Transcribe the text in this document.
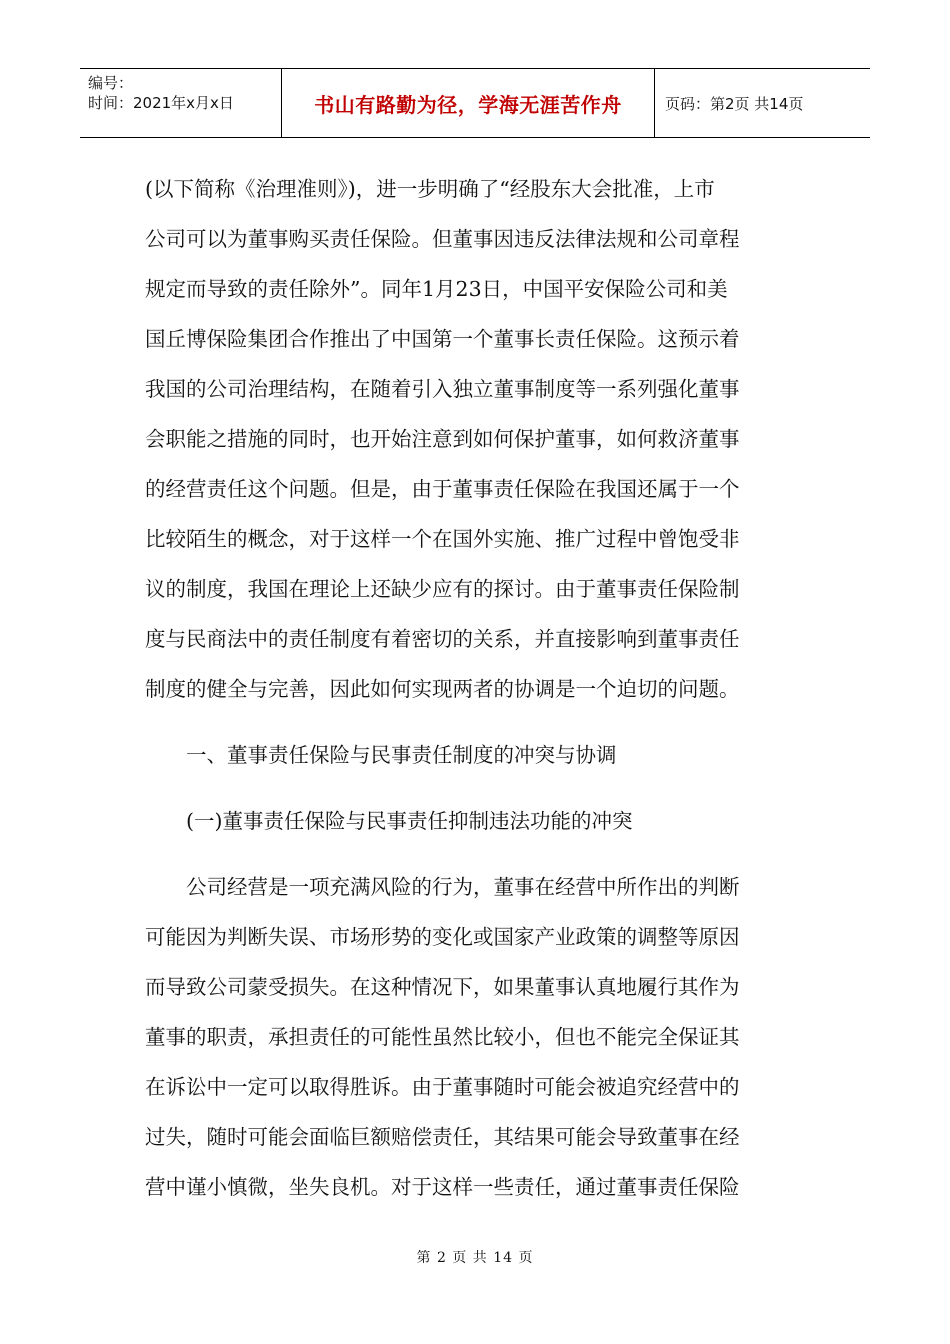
编号：
时间：2021年x月x日	书山有路勤为径，学海无涯苦作舟	页码：第2页 共14页
(以下简称《治理准则》)，进一步明确了“经股东大会批准，上市
公司可以为董事购买责任保险。但董事因违反法律法规和公司章程
规定而导致的责任除外”。同年1月23日，中国平安保险公司和美
国丘博保险集团合作推出了中国第一个董事长责任保险。这预示着
我国的公司治理结构，在随着引入独立董事制度等一系列强化董事
会职能之措施的同时，也开始注意到如何保护董事，如何救济董事
的经营责任这个问题。但是，由于董事责任保险在我国还属于一个
比较陌生的概念，对于这样一个在国外实施、推广过程中曾饱受非
议的制度，我国在理论上还缺少应有的探讨。由于董事责任保险制
度与民商法中的责任制度有着密切的关系，并直接影响到董事责任
制度的健全与完善，因此如何实现两者的协调是一个迫切的问题。
　　一、董事责任保险与民事责任制度的冲突与协调
　　(一)董事责任保险与民事责任抑制违法功能的冲突
　　公司经营是一项充满风险的行为，董事在经营中所作出的判断
可能因为判断失误、市场形势的变化或国家产业政策的调整等原因
而导致公司蒙受损失。在这种情况下，如果董事认真地履行其作为
董事的职责，承担责任的可能性虽然比较小，但也不能完全保证其
在诉讼中一定可以取得胜诉。由于董事随时可能会被追究经营中的
过失，随时可能会面临巨额赔偿责任，其结果可能会导致董事在经
营中谨小慎微，坐失良机。对于这样一些责任，通过董事责任保险
第 2 页 共 14 页
